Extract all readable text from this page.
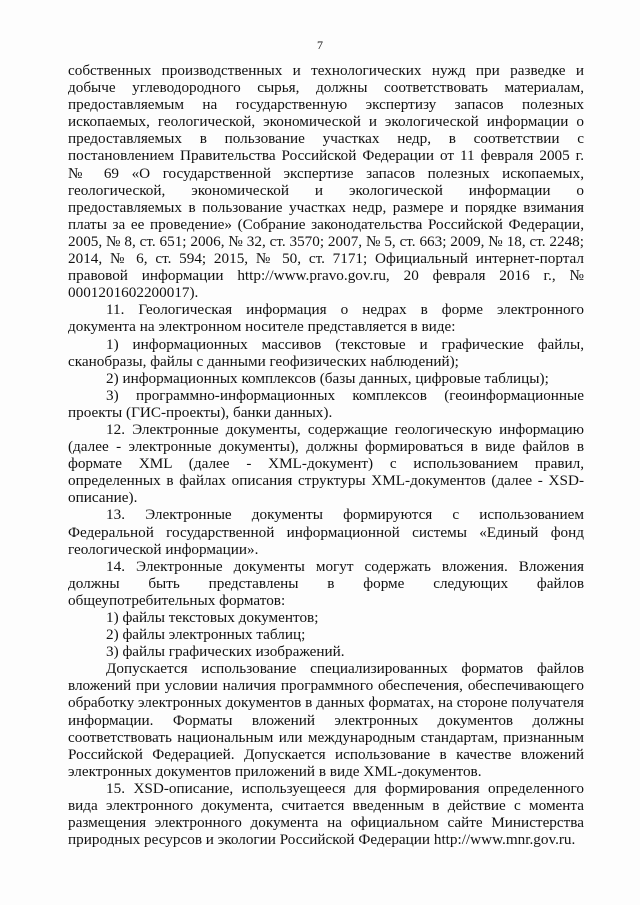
7

собственных производственных и технологических нужд при разведке и добыче углеводородного сырья, должны соответствовать материалам, предоставляемым на государственную экспертизу запасов полезных ископаемых, геологической, экономической и экологической информации о предоставляемых в пользование участках недр, в соответствии с постановлением Правительства Российской Федерации от 11 февраля 2005 г. № 69 «О государственной экспертизе запасов полезных ископаемых, геологической, экономической и экологической информации о предоставляемых в пользование участках недр, размере и порядке взимания платы за ее проведение» (Собрание законодательства Российской Федерации, 2005, № 8, ст. 651; 2006, № 32, ст. 3570; 2007, № 5, ст. 663; 2009, № 18, ст. 2248; 2014, № 6, ст. 594; 2015, № 50, ст. 7171; Официальный интернет-портал правовой информации http://www.pravo.gov.ru, 20 февраля 2016 г., № 0001201602200017).

11. Геологическая информация о недрах в форме электронного документа на электронном носителе представляется в виде:

1) информационных массивов (текстовые и графические файлы, сканобразы, файлы с данными геофизических наблюдений);

2) информационных комплексов (базы данных, цифровые таблицы);

3) программно-информационных комплексов (геоинформационные проекты (ГИС-проекты), банки данных).

12. Электронные документы, содержащие геологическую информацию (далее - электронные документы), должны формироваться в виде файлов в формате XML (далее - XML-документ) с использованием правил, определенных в файлах описания структуры XML-документов (далее - XSD-описание).

13. Электронные документы формируются с использованием Федеральной государственной информационной системы «Единый фонд геологической информации».

14. Электронные документы могут содержать вложения. Вложения должны быть представлены в форме следующих файлов общеупотребительных форматов:

1) файлы текстовых документов;

2) файлы электронных таблиц;

3) файлы графических изображений.

Допускается использование специализированных форматов файлов вложений при условии наличия программного обеспечения, обеспечивающего обработку электронных документов в данных форматах, на стороне получателя информации. Форматы вложений электронных документов должны соответствовать национальным или международным стандартам, признанным Российской Федерацией. Допускается использование в качестве вложений электронных документов приложений в виде XML-документов.

15. XSD-описание, используещееся для формирования определенного вида электронного документа, считается введенным в действие с момента размещения электронного документа на официальном сайте Министерства природных ресурсов и экологии Российской Федерации http://www.mnr.gov.ru.
